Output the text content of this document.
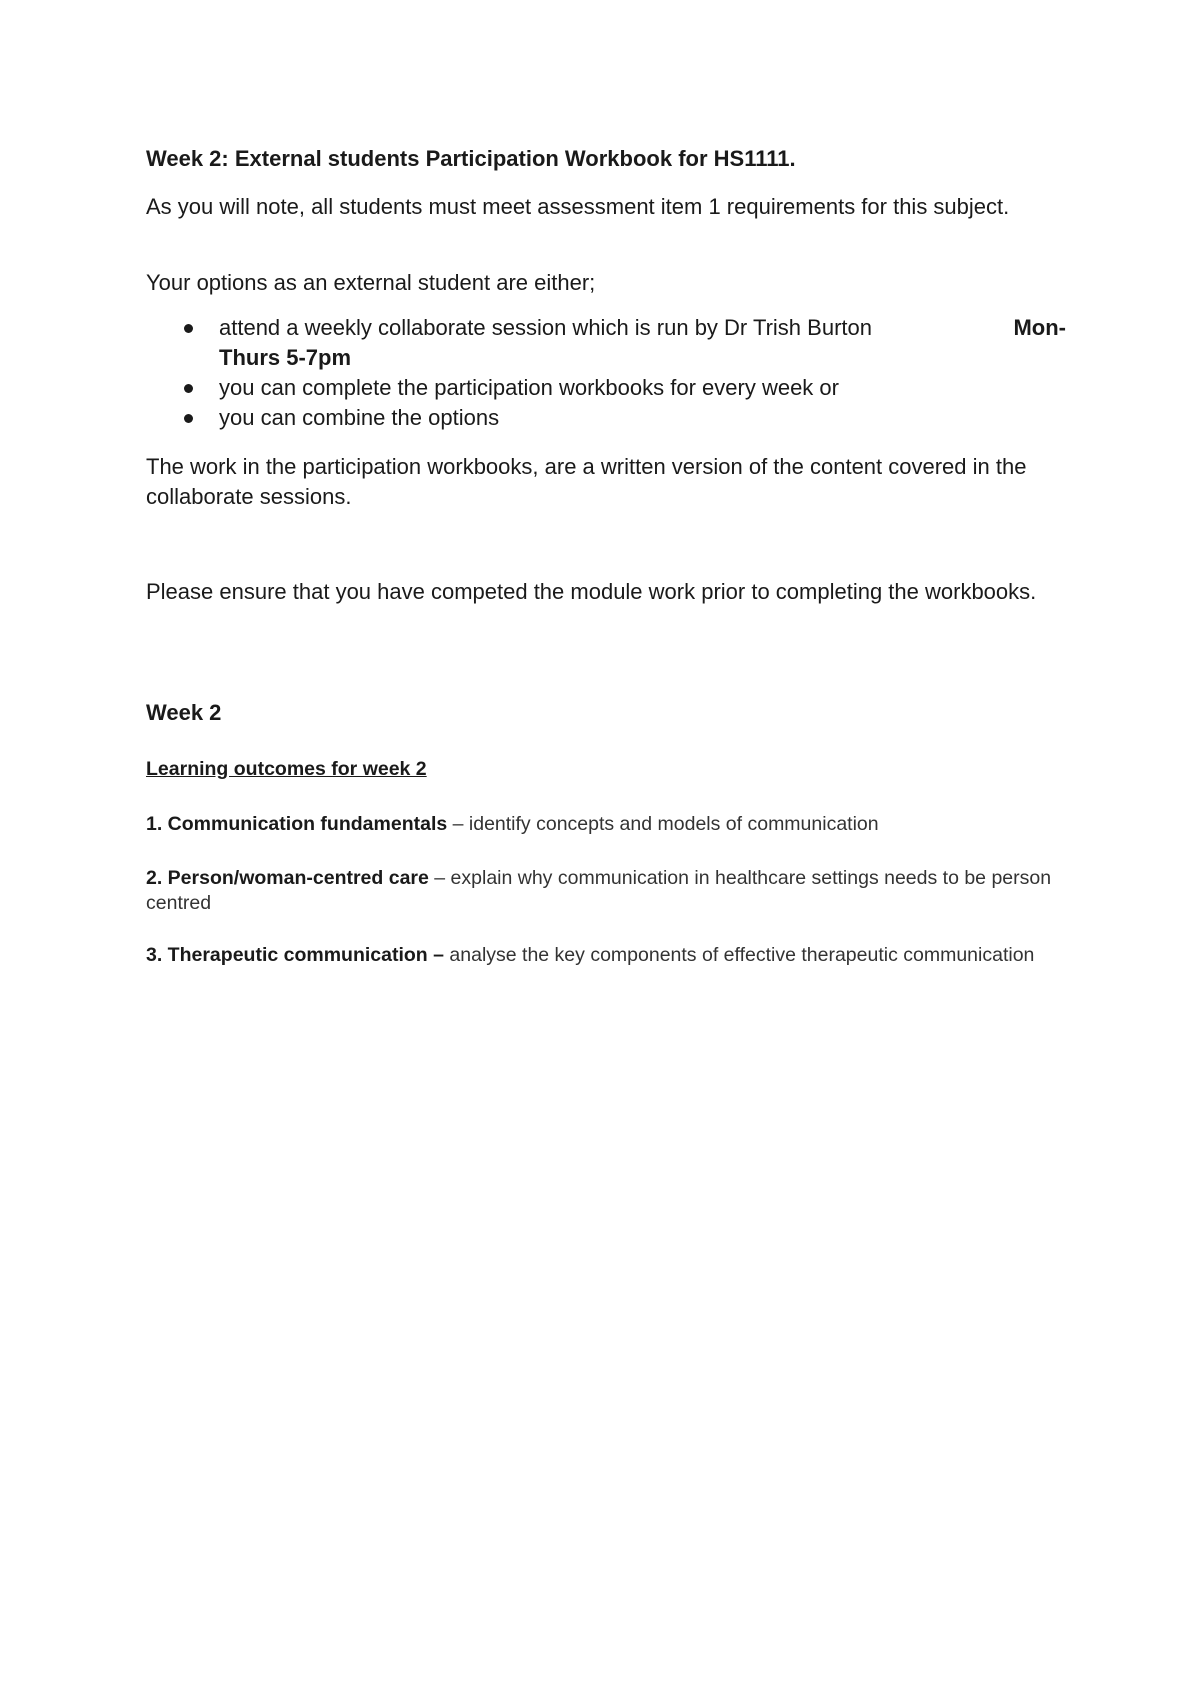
Week 2: External students Participation Workbook for HS1111.

As you will note, all students must meet assessment item 1 requirements for this subject.

Your options as an external student are either;

attend a weekly collaborate session which is run by Dr Trish Burton	Mon-
Thurs 5-7pm
you can complete the participation workbooks for every week or
you can combine the options

The work in the participation workbooks, are a written version of the content covered in the collaborate sessions.

Please ensure that you have competed the module work prior to completing the workbooks.

Week 2
Learning outcomes for week 2

1. Communication fundamentals – identify concepts and models of communication

2. Person/woman-centred care – explain why communication in healthcare settings needs to be person centred

3. Therapeutic communication – analyse the key components of effective therapeutic communication
